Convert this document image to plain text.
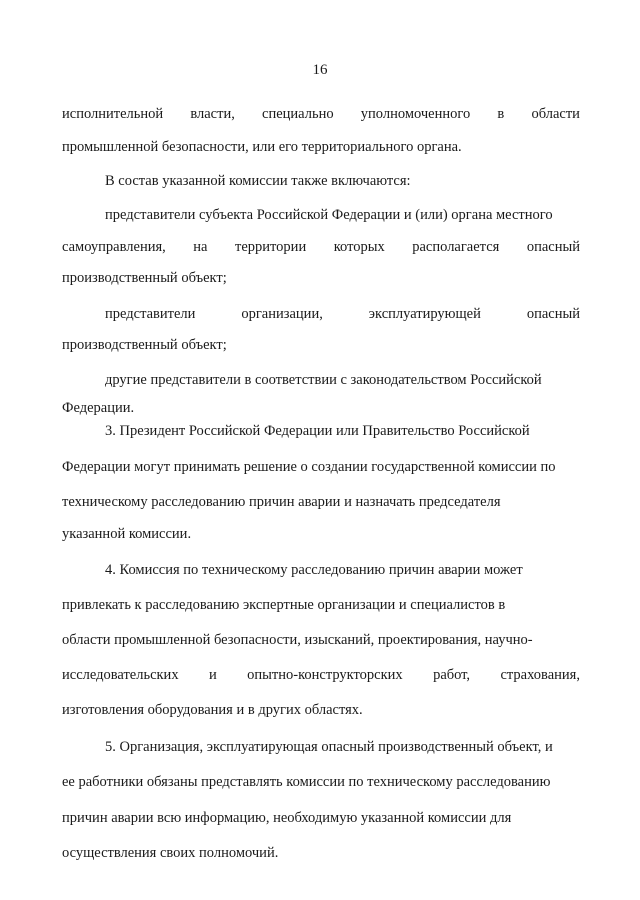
16
исполнительной власти, специально уполномоченного в области
промышленной безопасности, или его территориального органа.
В состав указанной комиссии также включаются:
представители субъекта Российской Федерации и (или) органа местного
самоуправления, на территории которых располагается опасный
производственный объект;
представители	организации,	эксплуатирующей	опасный
производственный объект;
другие представители в соответствии с законодательством Российской
Федерации.
3. Президент Российской Федерации или Правительство Российской
Федерации могут принимать решение о создании государственной комиссии по
техническому расследованию причин аварии и назначать председателя
указанной комиссии.
4. Комиссия по техническому расследованию причин аварии может
привлекать к расследованию экспертные организации и специалистов в
области промышленной безопасности, изысканий, проектирования, научно-
исследовательских и опытно-конструкторских работ, страхования,
изготовления оборудования и в других областях.
5. Организация, эксплуатирующая опасный производственный объект, и
ее работники обязаны представлять комиссии по техническому расследованию
причин аварии всю информацию, необходимую указанной комиссии для
осуществления своих полномочий.
